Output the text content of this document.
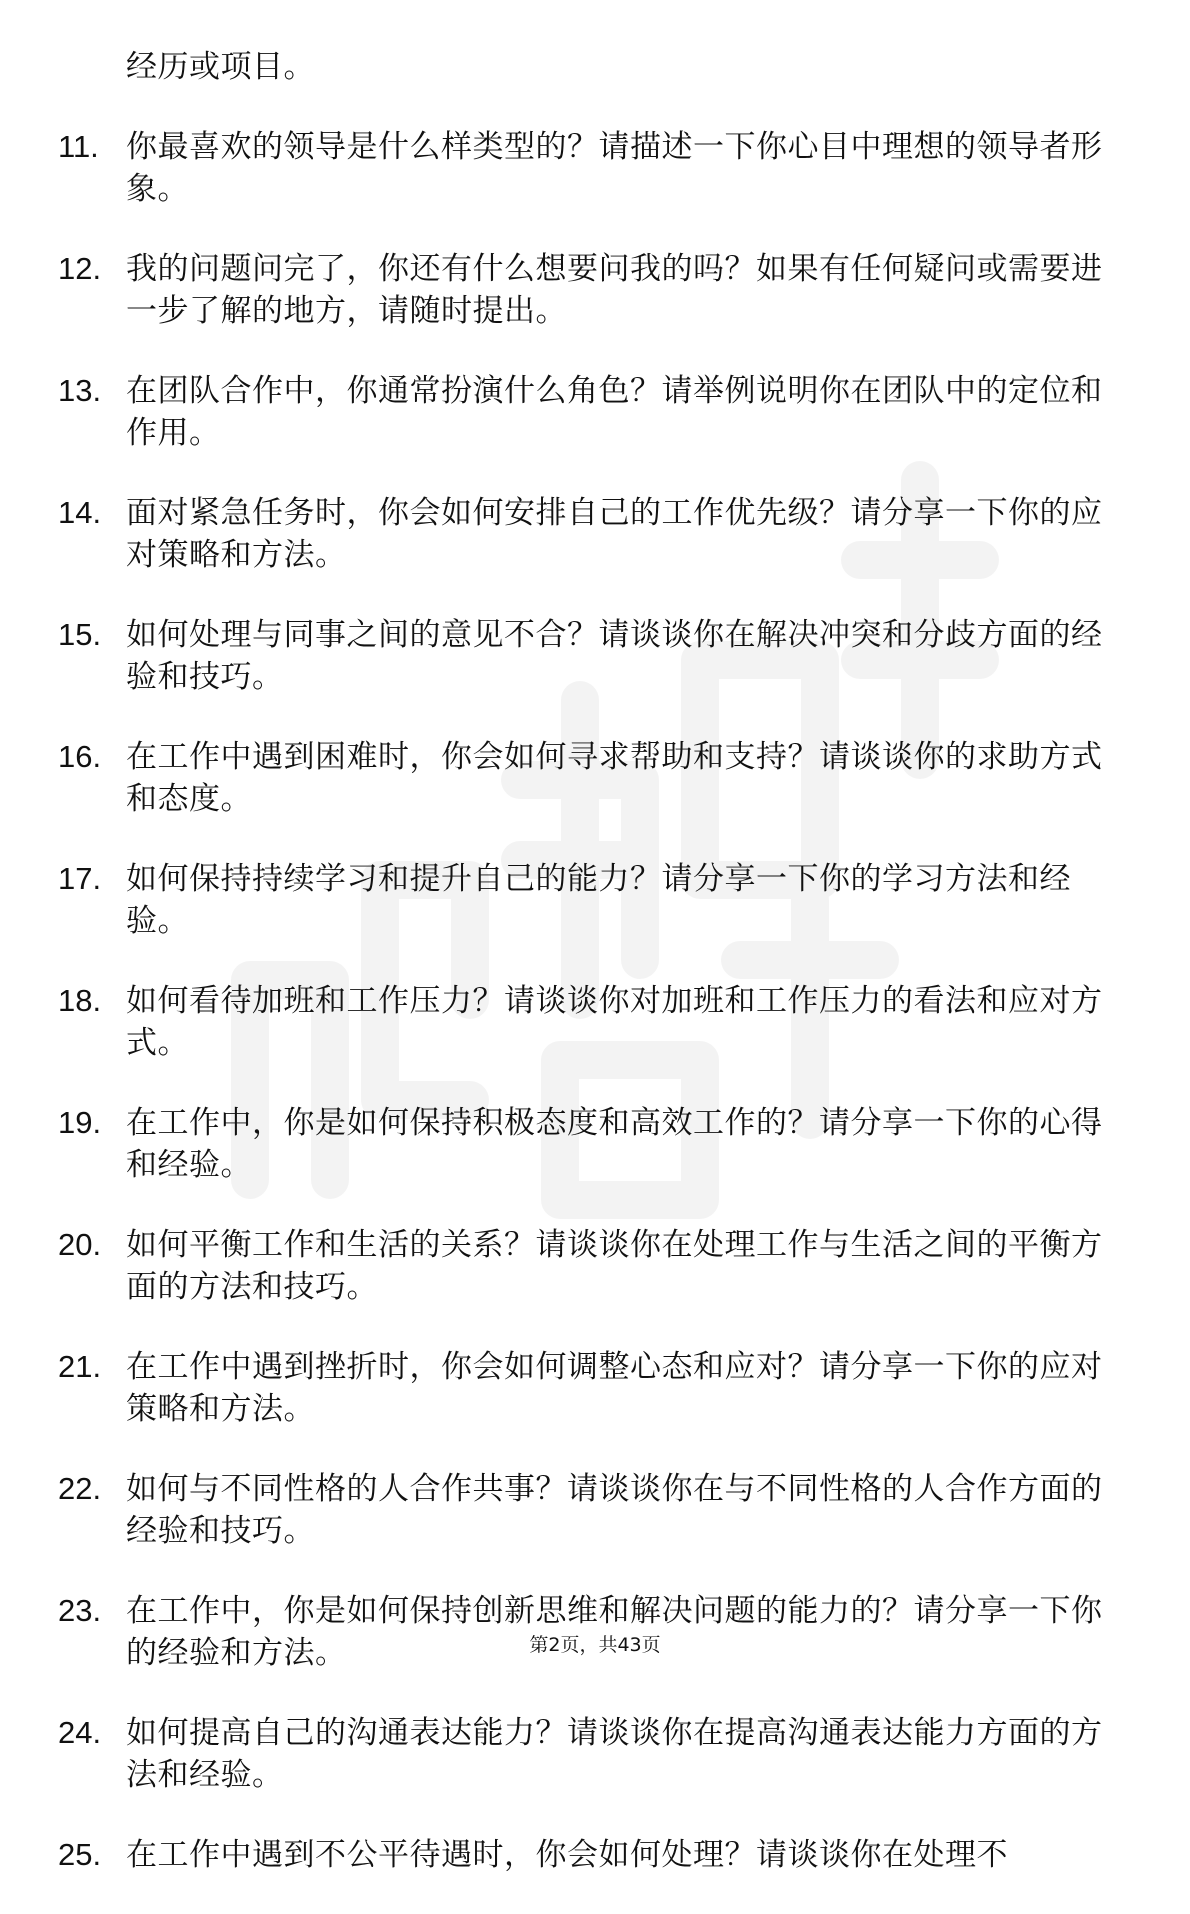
经历或项目。
11. 你最喜欢的领导是什么样类型的？请描述一下你心目中理想的领导者形象。
12. 我的问题问完了，你还有什么想要问我的吗？如果有任何疑问或需要进一步了解的地方，请随时提出。
13. 在团队合作中，你通常扮演什么角色？请举例说明你在团队中的定位和作用。
14. 面对紧急任务时，你会如何安排自己的工作优先级？请分享一下你的应对策略和方法。
15. 如何处理与同事之间的意见不合？请谈谈你在解决冲突和分歧方面的经验和技巧。
16. 在工作中遇到困难时，你会如何寻求帮助和支持？请谈谈你的求助方式和态度。
17. 如何保持持续学习和提升自己的能力？请分享一下你的学习方法和经验。
18. 如何看待加班和工作压力？请谈谈你对加班和工作压力的看法和应对方式。
19. 在工作中，你是如何保持积极态度和高效工作的？请分享一下你的心得和经验。
20. 如何平衡工作和生活的关系？请谈谈你在处理工作与生活之间的平衡方面的方法和技巧。
21. 在工作中遇到挫折时，你会如何调整心态和应对？请分享一下你的应对策略和方法。
22. 如何与不同性格的人合作共事？请谈谈你在与不同性格的人合作方面的经验和技巧。
23. 在工作中，你是如何保持创新思维和解决问题的能力的？请分享一下你的经验和方法。
24. 如何提高自己的沟通表达能力？请谈谈你在提高沟通表达能力方面的方法和经验。
25. 在工作中遇到不公平待遇时，你会如何处理？请谈谈你在处理不
第2页，共43页
